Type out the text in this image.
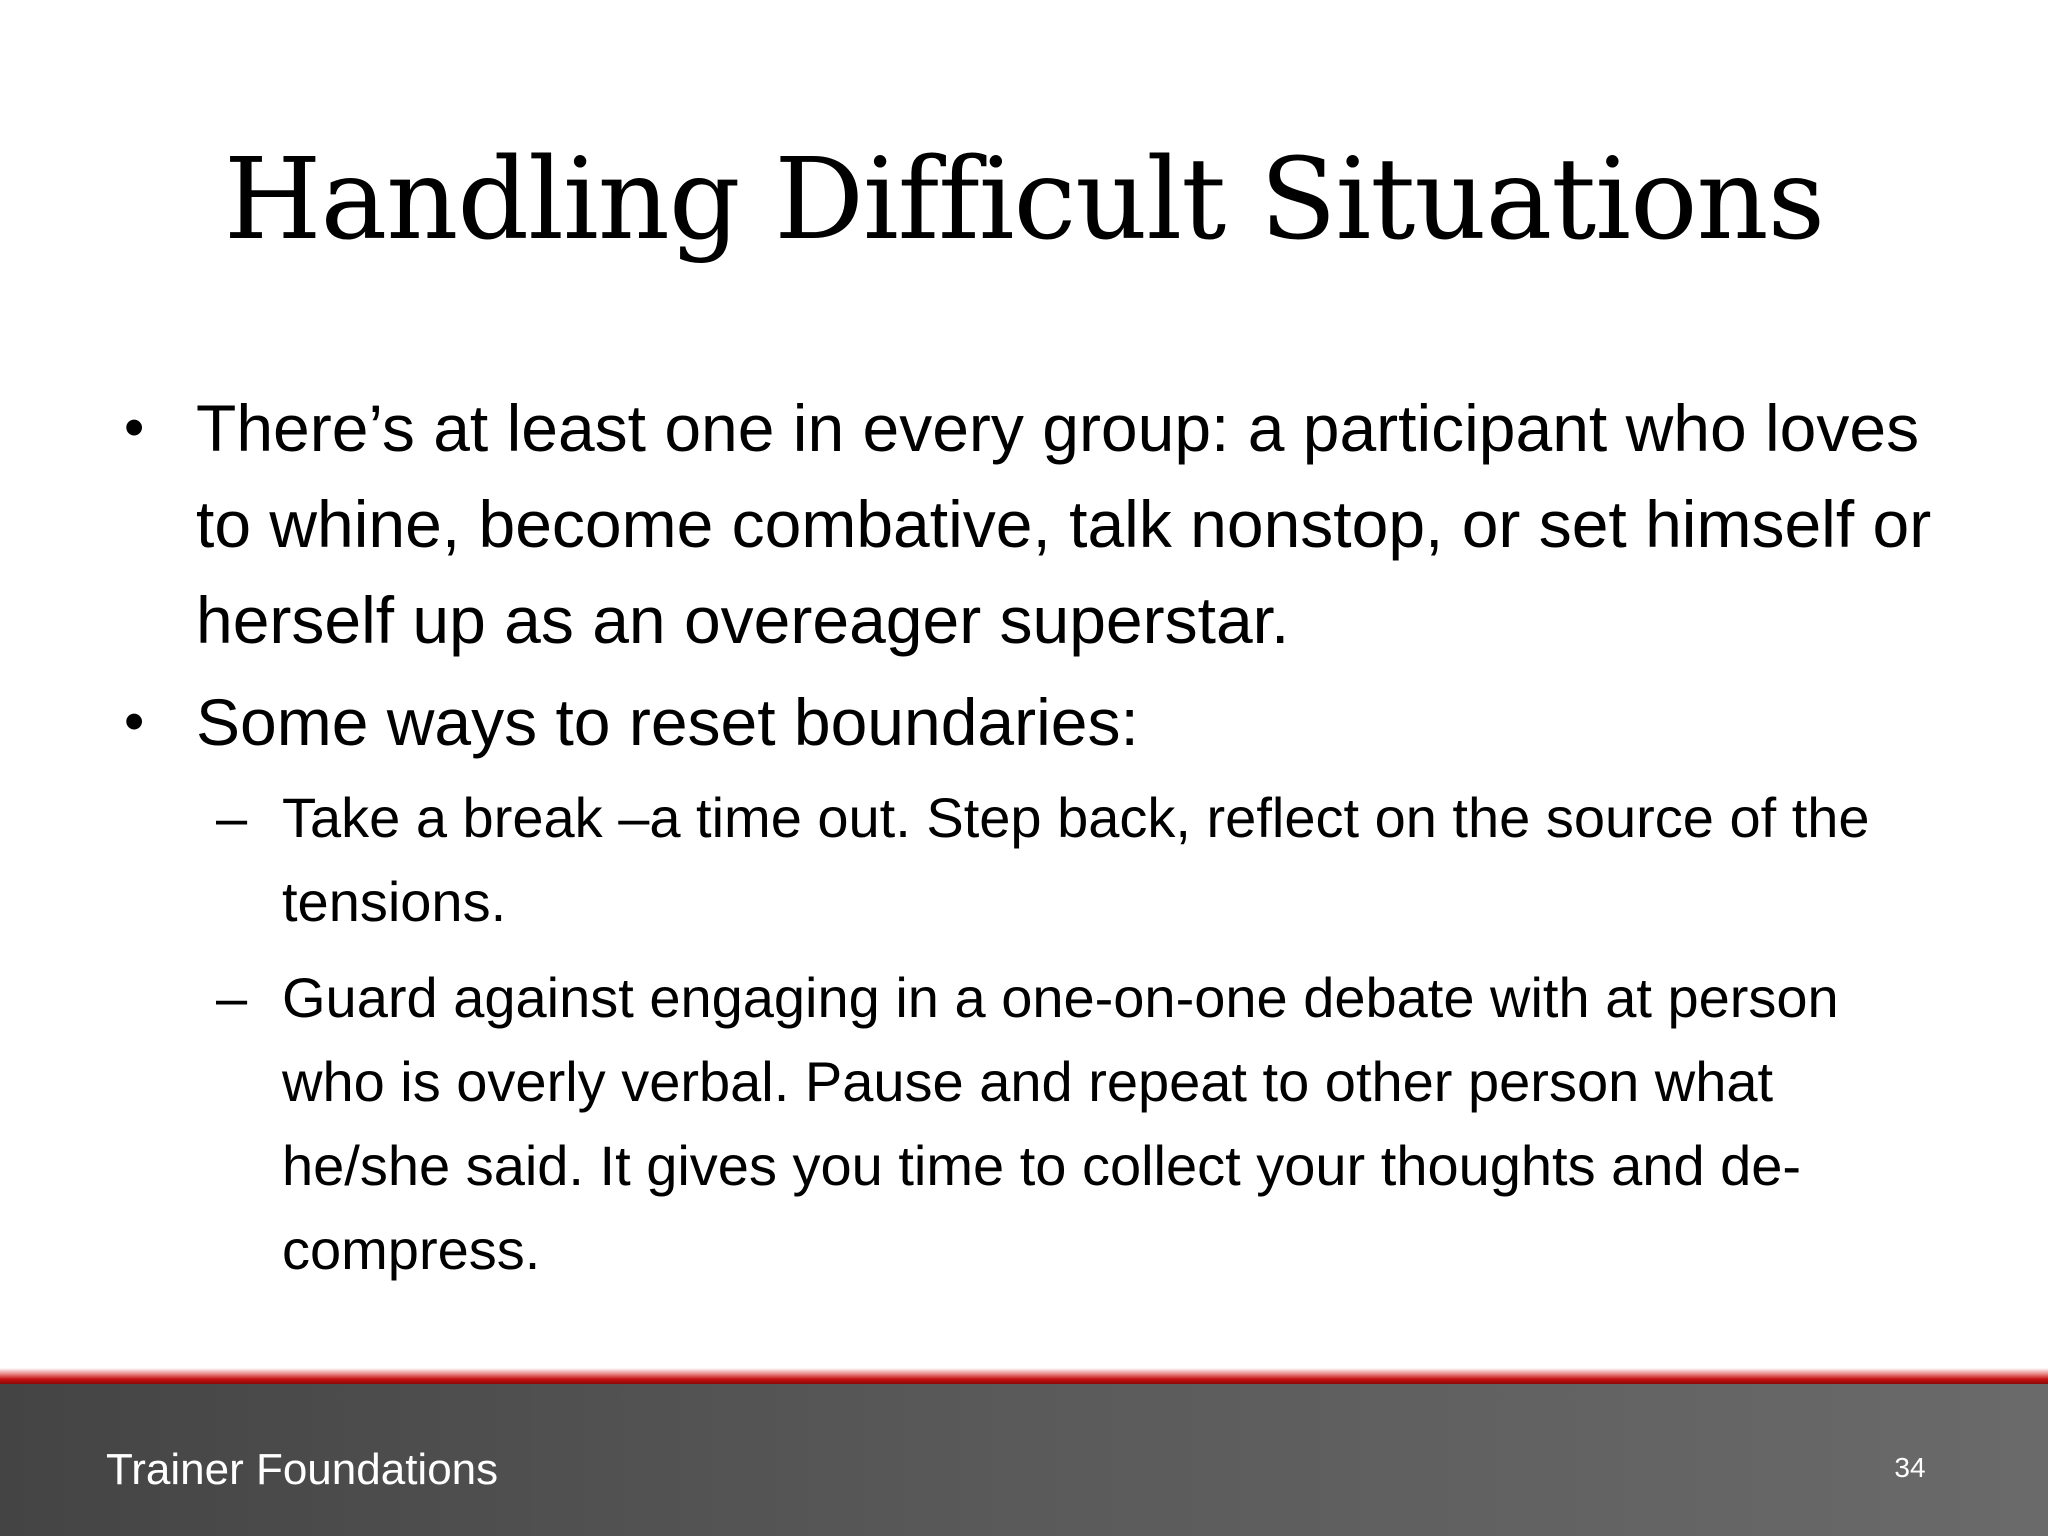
Handling Difficult Situations
• There’s at least one in every group: a participant who loves to whine, become combative, talk nonstop, or set himself or herself up as an overeager superstar.
• Some ways to reset boundaries:
– Take a break –a time out. Step back, reflect on the source of the tensions.
– Guard against engaging in a one-on-one debate with at person who is overly verbal. Pause and repeat to other person what he/she said. It gives you time to collect your thoughts and de-compress.
Trainer Foundations	34
